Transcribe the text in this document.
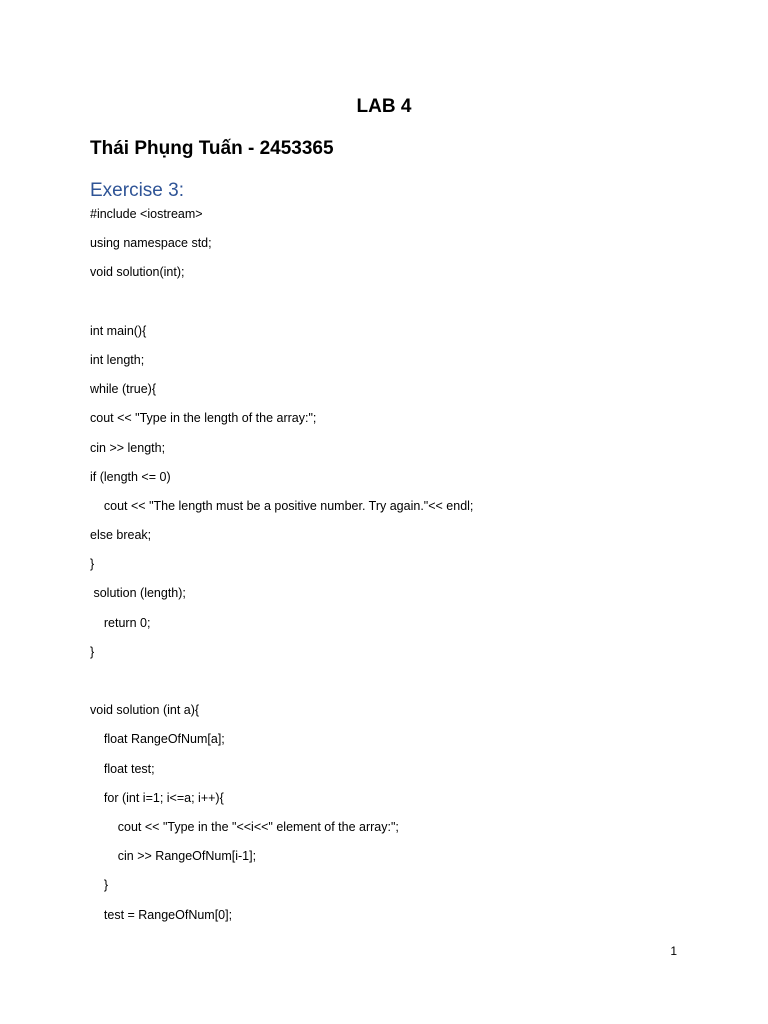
LAB 4
Thái Phụng Tuấn - 2453365
Exercise 3:
#include <iostream>
using namespace std;
void solution(int);
int main(){
int length;
while (true){
cout << "Type in the length of the array:";
cin >> length;
if (length <= 0)
cout << "The length must be a positive number. Try again."<< endl;
else break;
}
solution (length);
return 0;
}
void solution (int a){
float RangeOfNum[a];
float test;
for (int i=1; i<=a; i++){
cout << "Type in the "<<i<<" element of the array:";
cin >> RangeOfNum[i-1];
}
test = RangeOfNum[0];
1
